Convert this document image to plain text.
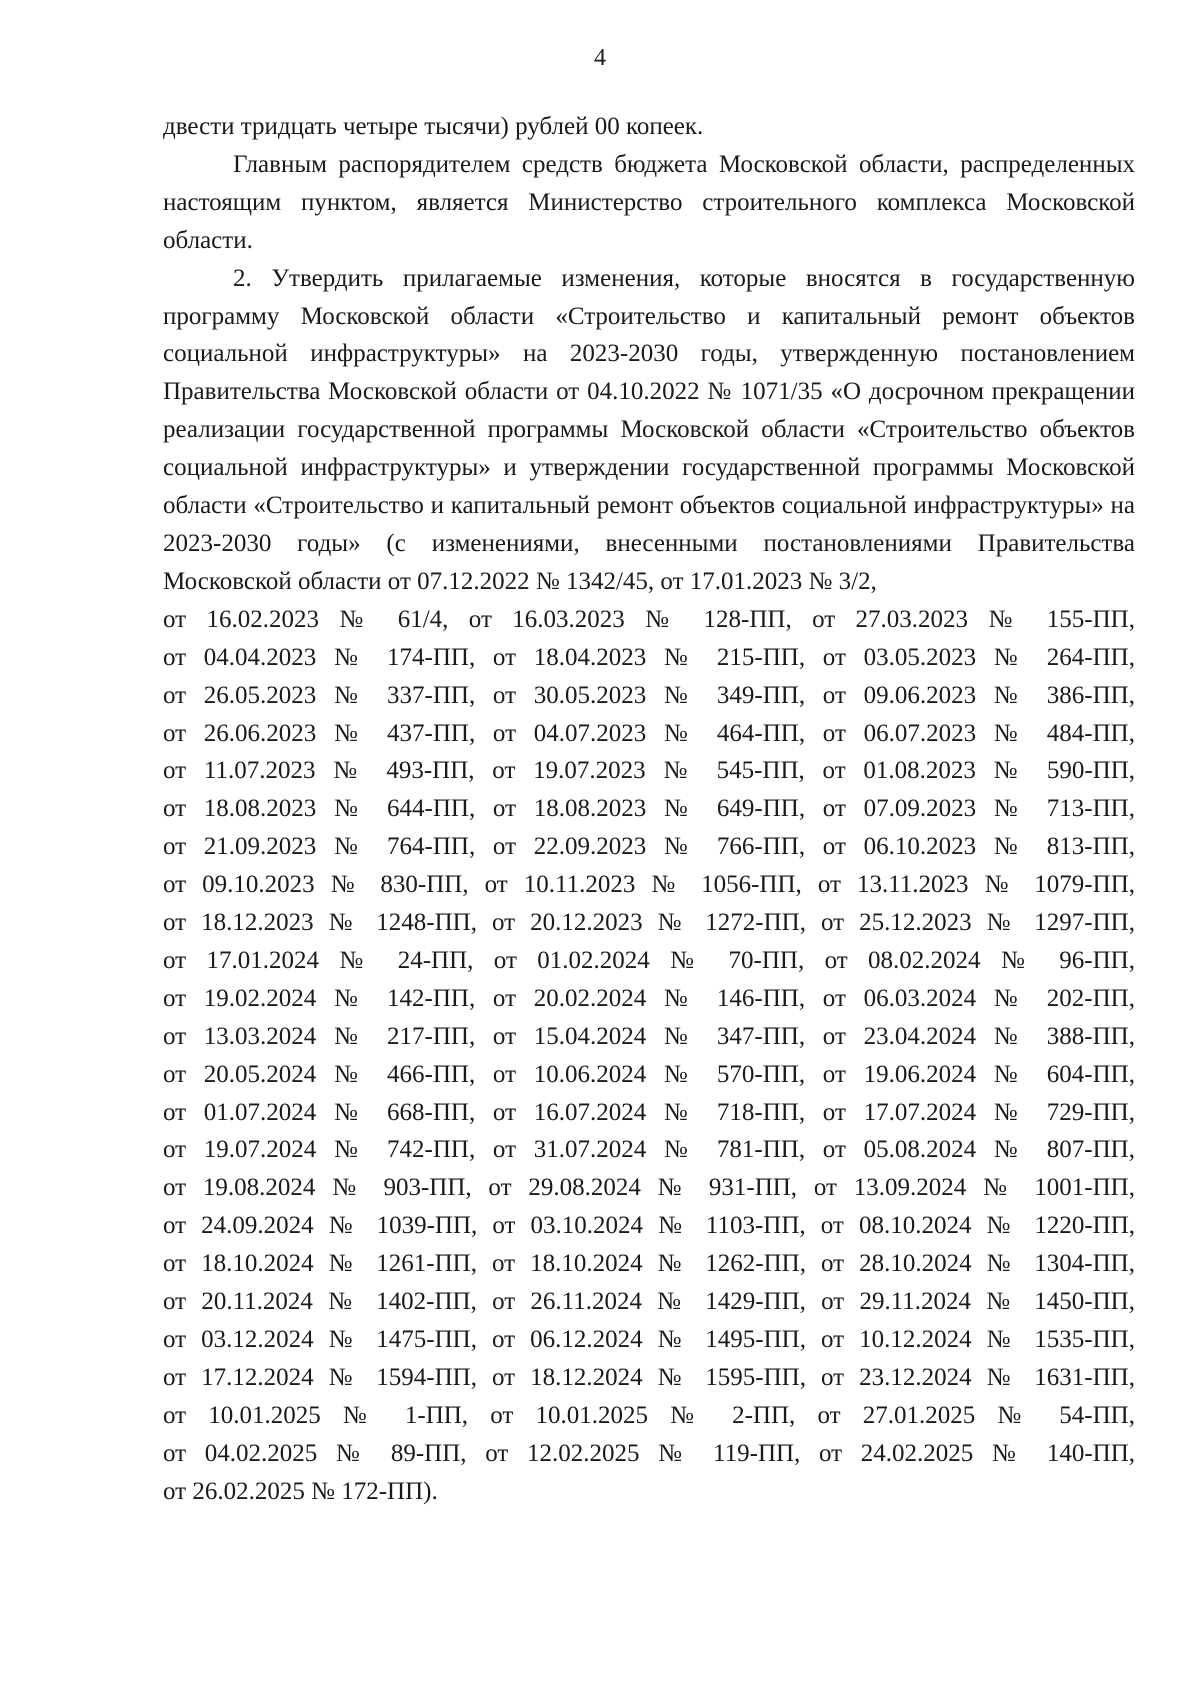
4

двести тридцать четыре тысячи) рублей 00 копеек.

Главным распорядителем средств бюджета Московской области, распределенных настоящим пунктом, является Министерство строительного комплекса Московской области.

2. Утвердить прилагаемые изменения, которые вносятся в государственную программу Московской области «Строительство и капитальный ремонт объектов социальной инфраструктуры» на 2023-2030 годы, утвержденную постановлением Правительства Московской области от 04.10.2022 № 1071/35 «О досрочном прекращении реализации государственной программы Московской области «Строительство объектов социальной инфраструктуры» и утверждении государственной программы Московской области «Строительство и капитальный ремонт объектов социальной инфраструктуры» на 2023-2030 годы» (с изменениями, внесенными постановлениями Правительства Московской области от 07.12.2022 № 1342/45, от 17.01.2023 № 3/2,

от 16.02.2023 № 61/4, от 16.03.2023 № 128-ПП, от 27.03.2023 № 155-ПП,
от 04.04.2023 № 174-ПП, от 18.04.2023 № 215-ПП, от 03.05.2023 № 264-ПП,
от 26.05.2023 № 337-ПП, от 30.05.2023 № 349-ПП, от 09.06.2023 № 386-ПП,
от 26.06.2023 № 437-ПП, от 04.07.2023 № 464-ПП, от 06.07.2023 № 484-ПП,
от 11.07.2023 № 493-ПП, от 19.07.2023 № 545-ПП, от 01.08.2023 № 590-ПП,
от 18.08.2023 № 644-ПП, от 18.08.2023 № 649-ПП, от 07.09.2023 № 713-ПП,
от 21.09.2023 № 764-ПП, от 22.09.2023 № 766-ПП, от 06.10.2023 № 813-ПП,
от 09.10.2023 № 830-ПП, от 10.11.2023 № 1056-ПП, от 13.11.2023 № 1079-ПП,
от 18.12.2023 № 1248-ПП, от 20.12.2023 № 1272-ПП, от 25.12.2023 № 1297-ПП,
от 17.01.2024 № 24-ПП, от 01.02.2024 № 70-ПП, от 08.02.2024 № 96-ПП,
от 19.02.2024 № 142-ПП, от 20.02.2024 № 146-ПП, от 06.03.2024 № 202-ПП,
от 13.03.2024 № 217-ПП, от 15.04.2024 № 347-ПП, от 23.04.2024 № 388-ПП,
от 20.05.2024 № 466-ПП, от 10.06.2024 № 570-ПП, от 19.06.2024 № 604-ПП,
от 01.07.2024 № 668-ПП, от 16.07.2024 № 718-ПП, от 17.07.2024 № 729-ПП,
от 19.07.2024 № 742-ПП, от 31.07.2024 № 781-ПП, от 05.08.2024 № 807-ПП,
от 19.08.2024 № 903-ПП, от 29.08.2024 № 931-ПП, от 13.09.2024 № 1001-ПП,
от 24.09.2024 № 1039-ПП, от 03.10.2024 № 1103-ПП, от 08.10.2024 № 1220-ПП,
от 18.10.2024 № 1261-ПП, от 18.10.2024 № 1262-ПП, от 28.10.2024 № 1304-ПП,
от 20.11.2024 № 1402-ПП, от 26.11.2024 № 1429-ПП, от 29.11.2024 № 1450-ПП,
от 03.12.2024 № 1475-ПП, от 06.12.2024 № 1495-ПП, от 10.12.2024 № 1535-ПП,
от 17.12.2024 № 1594-ПП, от 18.12.2024 № 1595-ПП, от 23.12.2024 № 1631-ПП,
от 10.01.2025 № 1-ПП, от 10.01.2025 № 2-ПП, от 27.01.2025 № 54-ПП,
от 04.02.2025 № 89-ПП, от 12.02.2025 № 119-ПП, от 24.02.2025 № 140-ПП,
от 26.02.2025 № 172-ПП).
